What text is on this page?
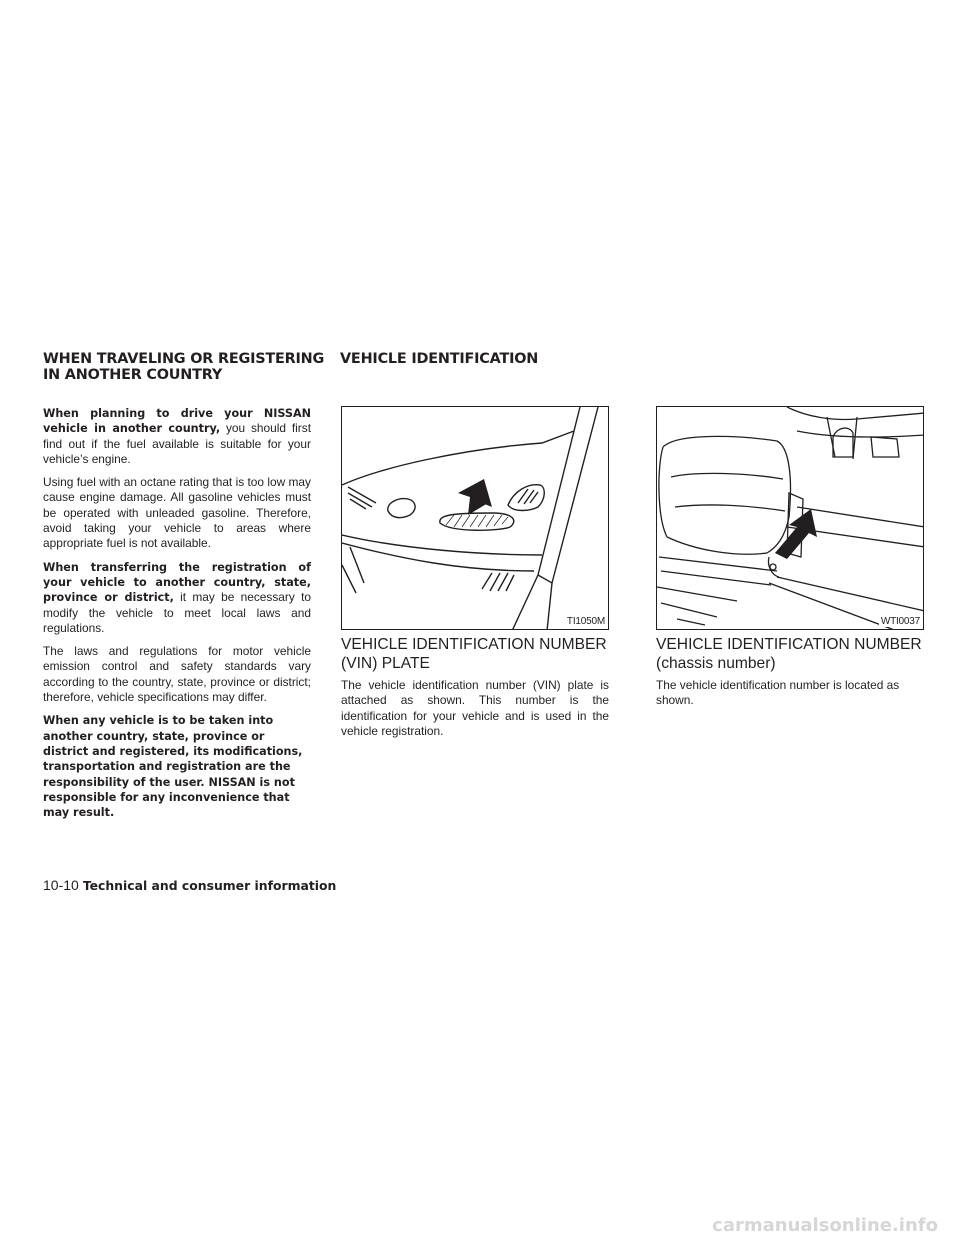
WHEN TRAVELING OR REGISTERING
IN ANOTHER COUNTRY
VEHICLE IDENTIFICATION

When planning to drive your NISSAN vehicle in another country, you should first find out if the fuel available is suitable for your vehicle’s engine.

Using fuel with an octane rating that is too low may cause engine damage. All gasoline vehicles must be operated with unleaded gasoline. Therefore, avoid taking your vehicle to areas where appropriate fuel is not available.

When transferring the registration of your vehicle to another country, state, province or district, it may be necessary to modify the vehicle to meet local laws and regulations.

The laws and regulations for motor vehicle emission control and safety standards vary according to the country, state, province or district; therefore, vehicle specifications may differ.

When any vehicle is to be taken into another country, state, province or district and registered, its modifications, transportation and registration are the responsibility of the user. NISSAN is not responsible for any inconvenience that may result.

TI1050M	WTI0037
VEHICLE IDENTIFICATION NUMBER
(VIN) PLATE
VEHICLE IDENTIFICATION NUMBER
(chassis number)

The vehicle identification number (VIN) plate is attached as shown. This number is the identification for your vehicle and is used in the vehicle registration.

The vehicle identification number is located as shown.

10-10 Technical and consumer information
carmanualsonline.info
